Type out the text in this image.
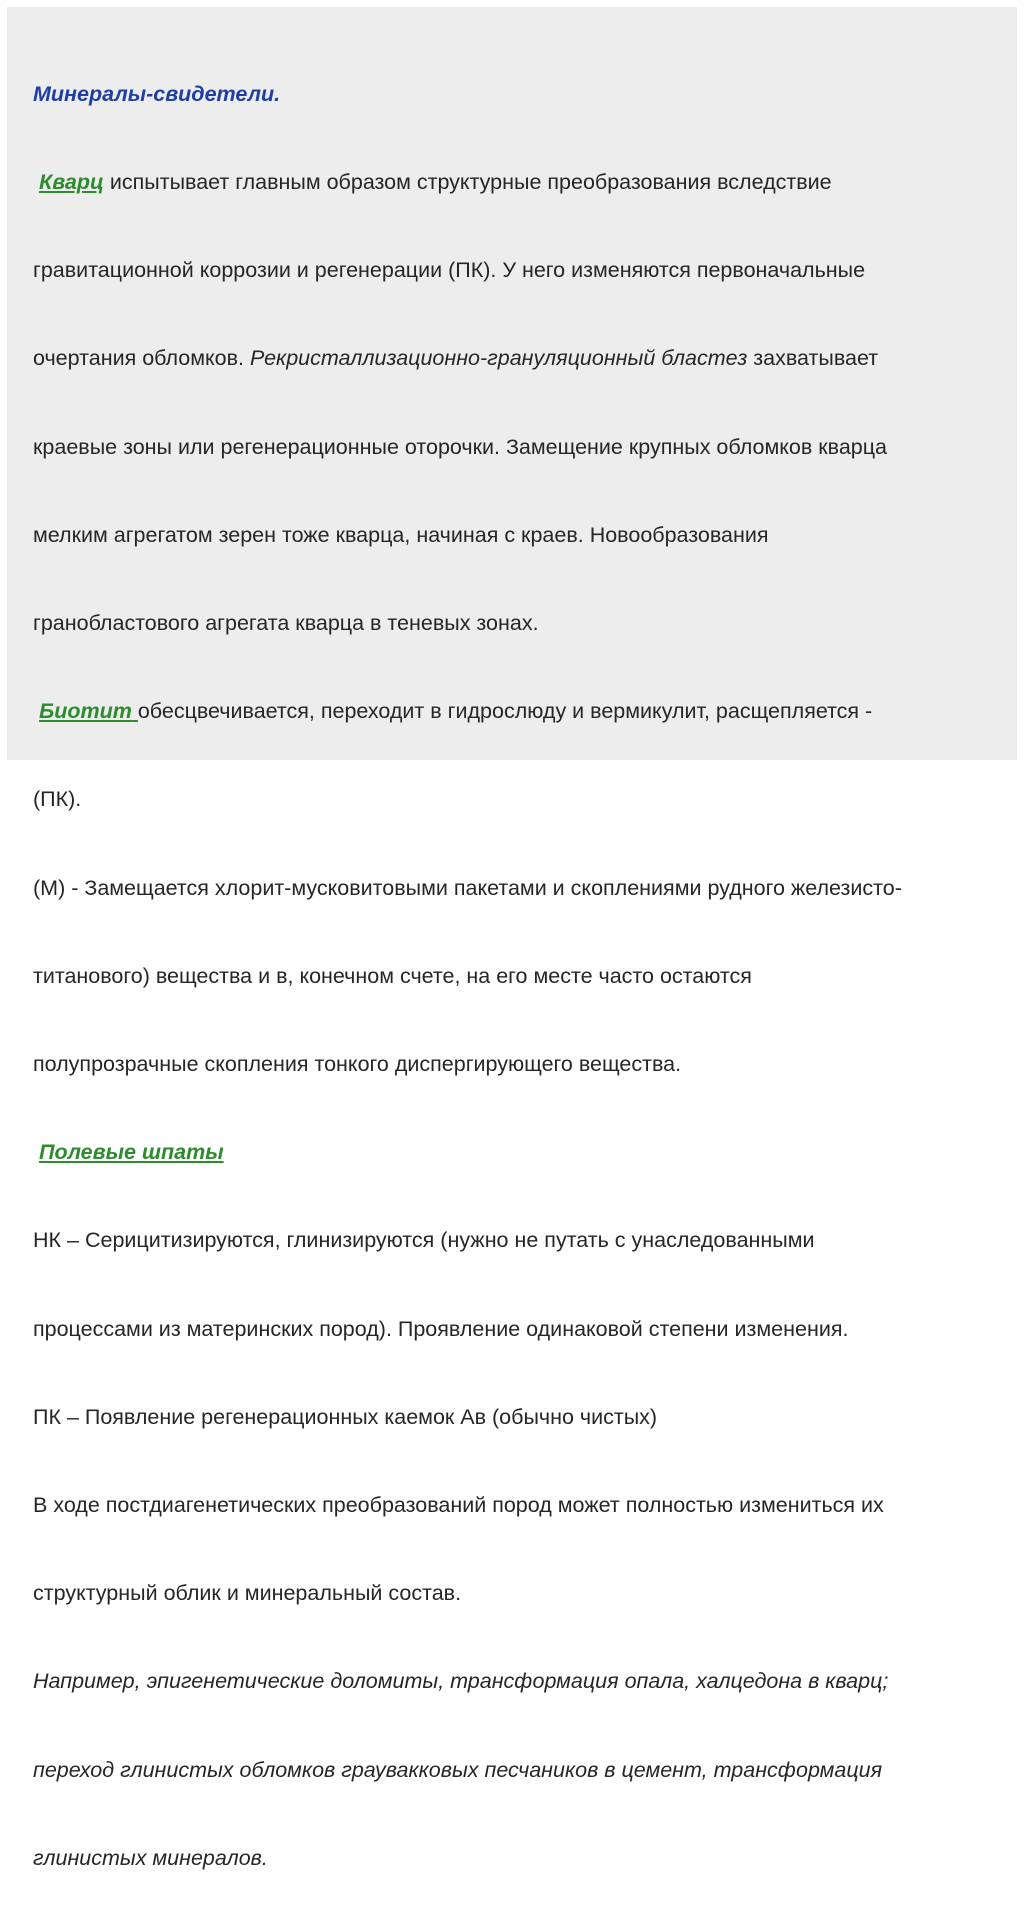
Минералы-свидетели.

Кварц испытывает главным образом структурные преобразования вследствие

гравитационной коррозии и регенерации (ПК). У него изменяются первоначальные

очертания обломков. Рекристаллизационно-грануляционный бластез захватывает

краевые зоны или регенерационные оторочки. Замещение крупных обломков кварца

мелким агрегатом зерен тоже кварца, начиная с краев. Новообразования

гранобластового агрегата кварца в теневых зонах.

Биотит обесцвечивается, переходит в гидрослюду и вермикулит, расщепляется -

(ПК).

(М) - Замещается хлорит-мусковитовыми пакетами и скоплениями рудного железисто-

титанового) вещества и в, конечном счете, на его месте часто остаются

полупрозрачные скопления тонкого диспергирующего вещества.

Полевые шпаты

НК – Серицитизируются, глинизируются (нужно не путать с унаследованными

процессами из материнских пород). Проявление одинаковой степени изменения.

ПК – Появление регенерационных каемок Ав (обычно чистых)

В ходе постдиагенетических преобразований пород может полностью измениться их

структурный облик и минеральный состав.

Например, эпигенетические доломиты, трансформация опала, халцедона в кварц;

переход глинистых обломков граувакковых песчаников в цемент, трансформация

глинистых минералов.
